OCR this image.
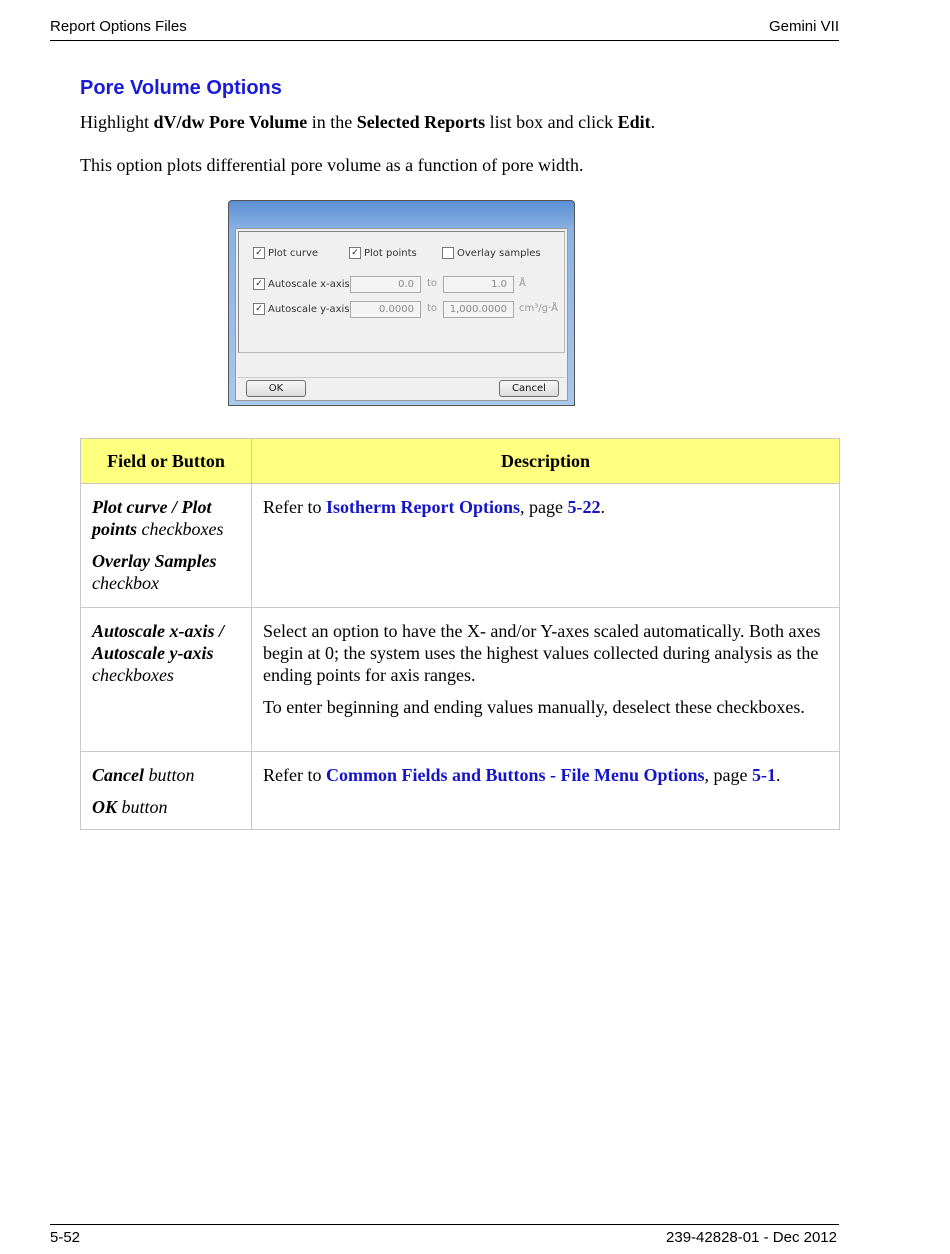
Report Options Files	Gemini VII
Pore Volume Options

Highlight dV/dw Pore Volume in the Selected Reports list box and click Edit.

This option plots differential pore volume as a function of pore width.

✓ Plot curve	✓ Plot points	Overlay samples
✓ Autoscale x-axis	0.0	to	1.0	Å
✓ Autoscale y-axis	0.0000	to	1,000.0000	cm³/g·Å
OK	Cancel
Field or Button	Description

Plot curve / Plot points checkboxes

Overlay Samples checkbox	Refer to Isotherm Report Options, page 5-22.

Autoscale x-axis / Autoscale y-axis checkboxes	Select an option to have the X- and/or Y-axes scaled automatically. Both axes begin at 0; the system uses the highest values collected during analysis as the ending points for axis ranges.

To enter beginning and ending values manually, deselect these checkboxes.

Cancel button

OK button	Refer to Common Fields and Buttons - File Menu Options, page 5-1.

5-52	239-42828-01 - Dec 2012
